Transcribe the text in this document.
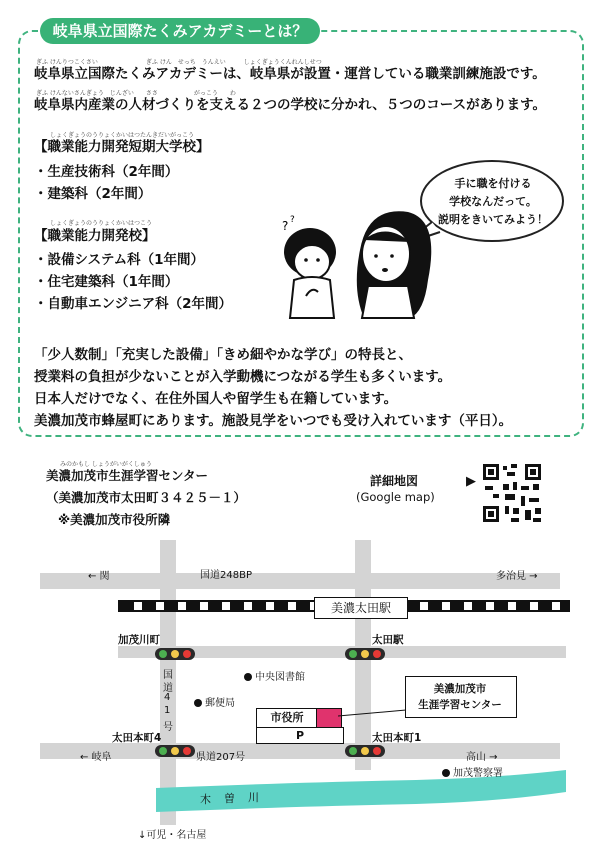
岐阜県立国際たくみアカデミーとは？
ぎふ けんりつこくさい　　　　　　　　ぎふ けん　せっち　うんえい　　　しょくぎょうくんれんしせつ
岐阜県立国際たくみアカデミーは、岐阜県が設置・運営している職業訓練施設です。
ぎふ けんないさんぎょう　じんざい　　ささ　　　　　　がっこう　　わ
岐阜県内産業の人材づくりを支える２つの学校に分かれ、５つのコースがあります。
しょくぎょうのうりょくかいはつたんきだいがっこう
【職業能力開発短期大学校】
・生産技術科（2年間）
・建築科（2年間）
しょくぎょうのうりょくかいはつこう
【職業能力開発校】
・設備システム科（1年間）
・住宅建築科（1年間）
・自動車エンジニア科（2年間）
手に職を付ける
学校なんだって。
説明をきいてみよう！
? ?
「少人数制」「充実した設備」「きめ細やかな学び」の特長と、
授業料の負担が少ないことが入学動機につながる学生も多くいます。
日本人だけでなく、在住外国人や留学生も在籍しています。
美濃加茂市蜂屋町にあります。施設見学をいつでも受け入れています（平日）。
みのかもし しょうがいがくしゅう
美濃加茂市生涯学習センター
（美濃加茂市太田町３４２５－１）
※美濃加茂市役所隣
詳細地図
(Google map)
▶
美濃太田駅
市役所
P
美濃加茂市
生涯学習センター
← 関	多治見 →
国道248BP
加茂川町	太田駅
国
道
4
1
号
中央図書館
郵便局
太田本町4	太田本町1
← 岐阜	県道207号	高山 →
加茂警察署
木 曽 川
↓可児・名古屋
